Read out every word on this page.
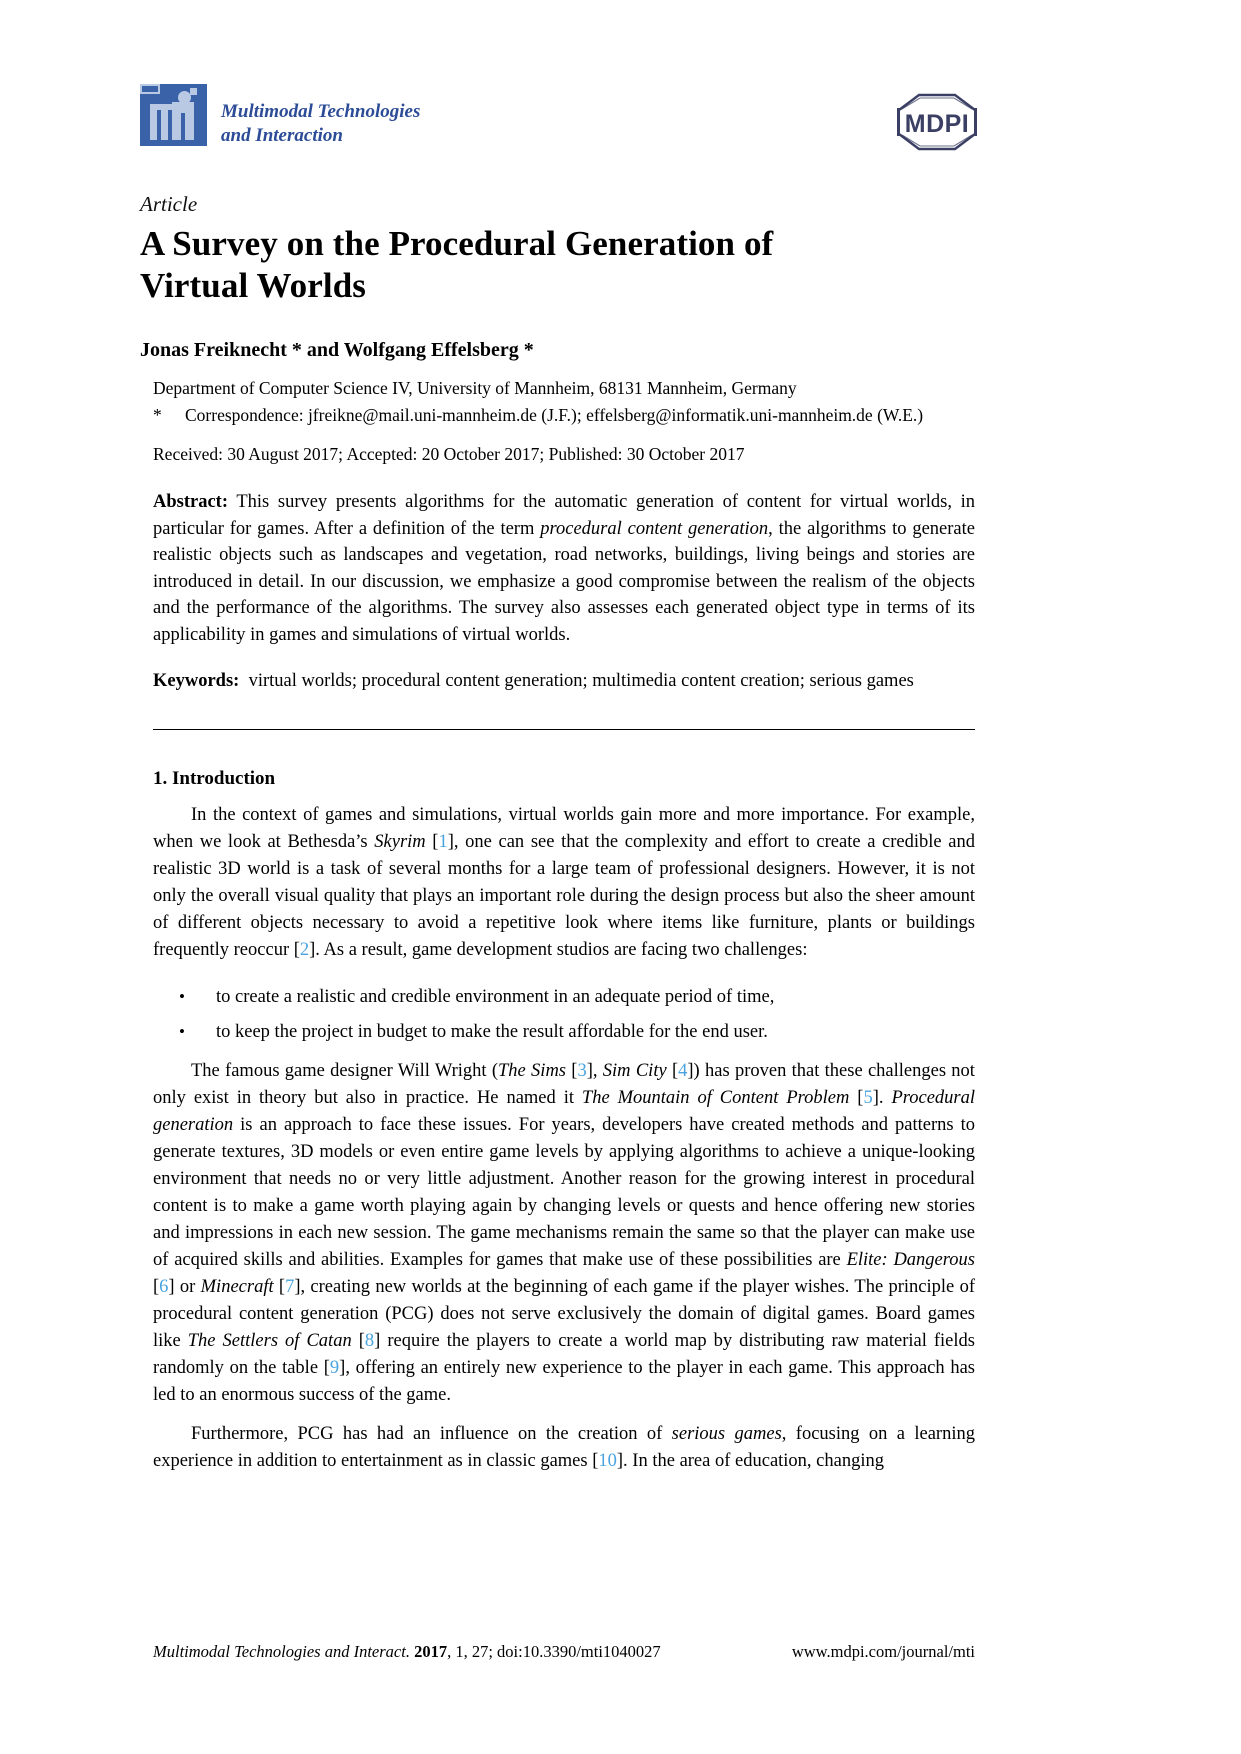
Multimodal Technologies
and Interaction	MDPI
Article
A Survey on the Procedural Generation of
Virtual Worlds
Jonas Freiknecht * and Wolfgang Effelsberg *
Department of Computer Science IV, University of Mannheim, 68131 Mannheim, Germany
*	Correspondence: jfreikne@mail.uni-mannheim.de (J.F.); effelsberg@informatik.uni-mannheim.de (W.E.)
Received: 30 August 2017; Accepted: 20 October 2017; Published: 30 October 2017
Abstract: This survey presents algorithms for the automatic generation of content for virtual worlds, in particular for games. After a definition of the term procedural content generation, the algorithms to generate realistic objects such as landscapes and vegetation, road networks, buildings, living beings and stories are introduced in detail. In our discussion, we emphasize a good compromise between the realism of the objects and the performance of the algorithms. The survey also assesses each generated object type in terms of its applicability in games and simulations of virtual worlds.
Keywords: virtual worlds; procedural content generation; multimedia content creation; serious games
1. Introduction

In the context of games and simulations, virtual worlds gain more and more importance. For example, when we look at Bethesda’s Skyrim [1], one can see that the complexity and effort to create a credible and realistic 3D world is a task of several months for a large team of professional designers. However, it is not only the overall visual quality that plays an important role during the design process but also the sheer amount of different objects necessary to avoid a repetitive look where items like furniture, plants or buildings frequently reoccur [2]. As a result, game development studios are facing two challenges:

• to create a realistic and credible environment in an adequate period of time,
• to keep the project in budget to make the result affordable for the end user.

The famous game designer Will Wright (The Sims [3], Sim City [4]) has proven that these challenges not only exist in theory but also in practice. He named it The Mountain of Content Problem [5]. Procedural generation is an approach to face these issues. For years, developers have created methods and patterns to generate textures, 3D models or even entire game levels by applying algorithms to achieve a unique-looking environment that needs no or very little adjustment. Another reason for the growing interest in procedural content is to make a game worth playing again by changing levels or quests and hence offering new stories and impressions in each new session. The game mechanisms remain the same so that the player can make use of acquired skills and abilities. Examples for games that make use of these possibilities are Elite: Dangerous [6] or Minecraft [7], creating new worlds at the beginning of each game if the player wishes. The principle of procedural content generation (PCG) does not serve exclusively the domain of digital games. Board games like The Settlers of Catan [8] require the players to create a world map by distributing raw material fields randomly on the table [9], offering an entirely new experience to the player in each game. This approach has led to an enormous success of the game.

Furthermore, PCG has had an influence on the creation of serious games, focusing on a learning experience in addition to entertainment as in classic games [10]. In the area of education, changing

Multimodal Technologies and Interact. 2017, 1, 27; doi:10.3390/mti1040027	www.mdpi.com/journal/mti
